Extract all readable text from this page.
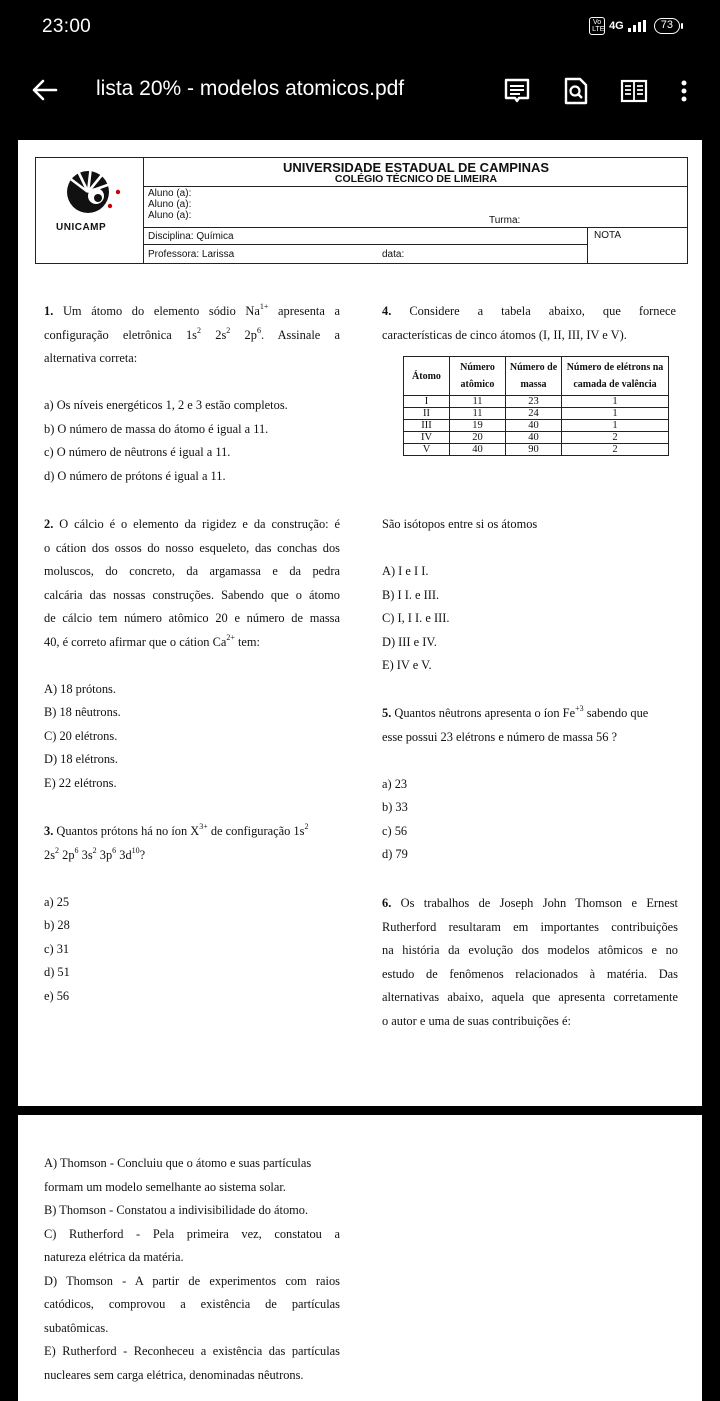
23:00	Vo LTE 4G	73
lista 20% - modelos atomicos.pdf
UNICAMP
UNIVERSIDADE ESTADUAL DE CAMPINAS
COLÉGIO TÉCNICO DE LIMEIRA
Aluno (a):
Aluno (a):
Aluno (a):	Turma:
Disciplina: Química
Professora: Larissa	data:
NOTA
1. Um átomo do elemento sódio $Na^{1+}$ apresenta a
configuração eletrônica $1s^2$ $2s^2$ $2p^6$. Assinale a
alternativa correta:
a) Os níveis energéticos 1, 2 e 3 estão completos.
b) O número de massa do átomo é igual a 11.
c) O número de nêutrons é igual a 11.
d) O número de prótons é igual a 11.
4. Considere a tabela abaixo, que fornece
características de cinco átomos (I, II, III, IV e V).
Átomo	Número atômico	Número de massa	Número de elétrons na camada de valência
I	11	23	1
II	11	24	1
III	19	40	1
IV	20	40	2
V	40	90	2
2. O cálcio é o elemento da rigidez e da construção: é
o cátion dos ossos do nosso esqueleto, das conchas dos
moluscos, do concreto, da argamassa e da pedra
calcária das nossas construções. Sabendo que o átomo
de cálcio tem número atômico 20 e número de massa
40, é correto afirmar que o cátion $Ca^{2+}$ tem:
A) 18 prótons.
B) 18 nêutrons.
C) 20 elétrons.
D) 18 elétrons.
E) 22 elétrons.
São isótopos entre si os átomos
A) I e I I.
B) I I. e III.
C) I, I I. e III.
D) III e IV.
E) IV e V.
5. Quantos nêutrons apresenta o íon $Fe^{+3}$ sabendo que
esse possui 23 elétrons e número de massa 56 ?
a) 23
b) 33
c) 56
d) 79
3. Quantos prótons há no íon $X^{3+}$ de configuração $1s^2$
$2s^2$ $2p^6$ $3s^2$ $3p^6$ $3d^{10}$?
a) 25
b) 28
c) 31
d) 51
e) 56
6. Os trabalhos de Joseph John Thomson e Ernest
Rutherford resultaram em importantes contribuições
na história da evolução dos modelos atômicos e no
estudo de fenômenos relacionados à matéria. Das
alternativas abaixo, aquela que apresenta corretamente
o autor e uma de suas contribuições é:
A) Thomson - Concluiu que o átomo e suas partículas
formam um modelo semelhante ao sistema solar.
B) Thomson - Constatou a indivisibilidade do átomo.
C) Rutherford - Pela primeira vez, constatou a
natureza elétrica da matéria.
D) Thomson - A partir de experimentos com raios
catódicos, comprovou a existência de partículas
subatômicas.
E) Rutherford - Reconheceu a existência das partículas
nucleares sem carga elétrica, denominadas nêutrons.
